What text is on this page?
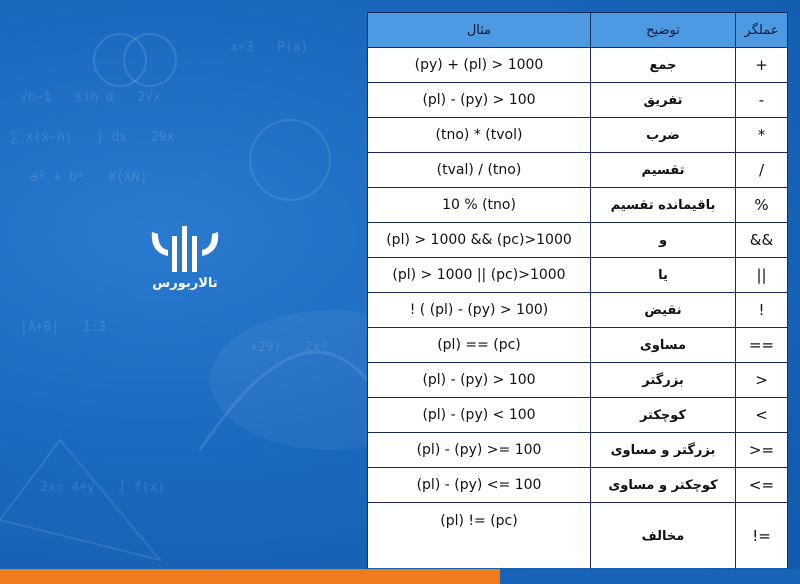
√n−1   sin α   2√x
∑ x(x−n)   ∫ dx   29x
a² + b²   X(XN)
x=3   P(a)
+29)   2x²
|A+B|   1:3
2x: 4+y   ∫ f(x)
تالاربورس
عملگر	توضیح	مثال
+	جمع	(py) + (pl) > 1000
-	تفریق	(pl) - (py) > 100
*	ضرب	(tno) * (tvol)
/	تقسیم	(tval) / (tno)
%	باقیمانده تقسیم	10 % (tno)
&&	و	(pl) > 1000 && (pc)>1000
||	یا	(pl) > 1000 || (pc)>1000
!	نقیض	! ( (pl) - (py) > 100)
==	مساوی	(pl) == (pc)
>	بزرگتر	(pl) - (py) > 100
<	کوچکتر	(pl) - (py) < 100
>=	بزرگتر و مساوی	(pl) - (py) >= 100
<=	کوچکتر و مساوی	(pl) - (py) <= 100
!=	مخالف	(pl) != (pc)
